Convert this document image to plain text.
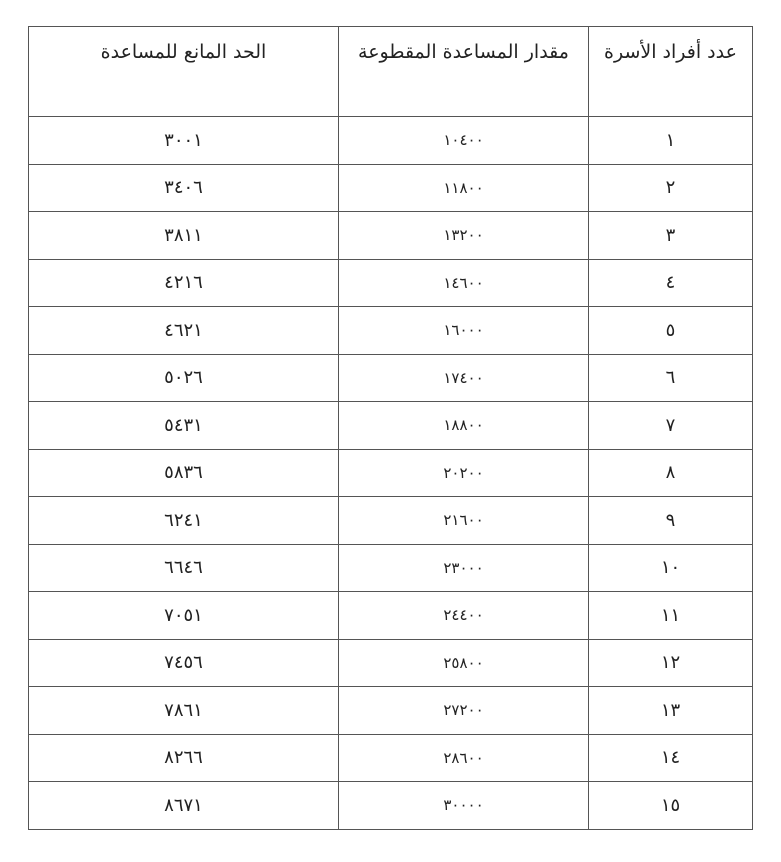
عدد أفراد الأسرة	مقدار المساعدة المقطوعة	الحد المانع للمساعدة
١	١٠٤٠٠	٣٠٠١
٢	١١٨٠٠	٣٤٠٦
٣	١٣٢٠٠	٣٨١١
٤	١٤٦٠٠	٤٢١٦
٥	١٦٠٠٠	٤٦٢١
٦	١٧٤٠٠	٥٠٢٦
٧	١٨٨٠٠	٥٤٣١
٨	٢٠٢٠٠	٥٨٣٦
٩	٢١٦٠٠	٦٢٤١
١٠	٢٣٠٠٠	٦٦٤٦
١١	٢٤٤٠٠	٧٠٥١
١٢	٢٥٨٠٠	٧٤٥٦
١٣	٢٧٢٠٠	٧٨٦١
١٤	٢٨٦٠٠	٨٢٦٦
١٥	٣٠٠٠٠	٨٦٧١
